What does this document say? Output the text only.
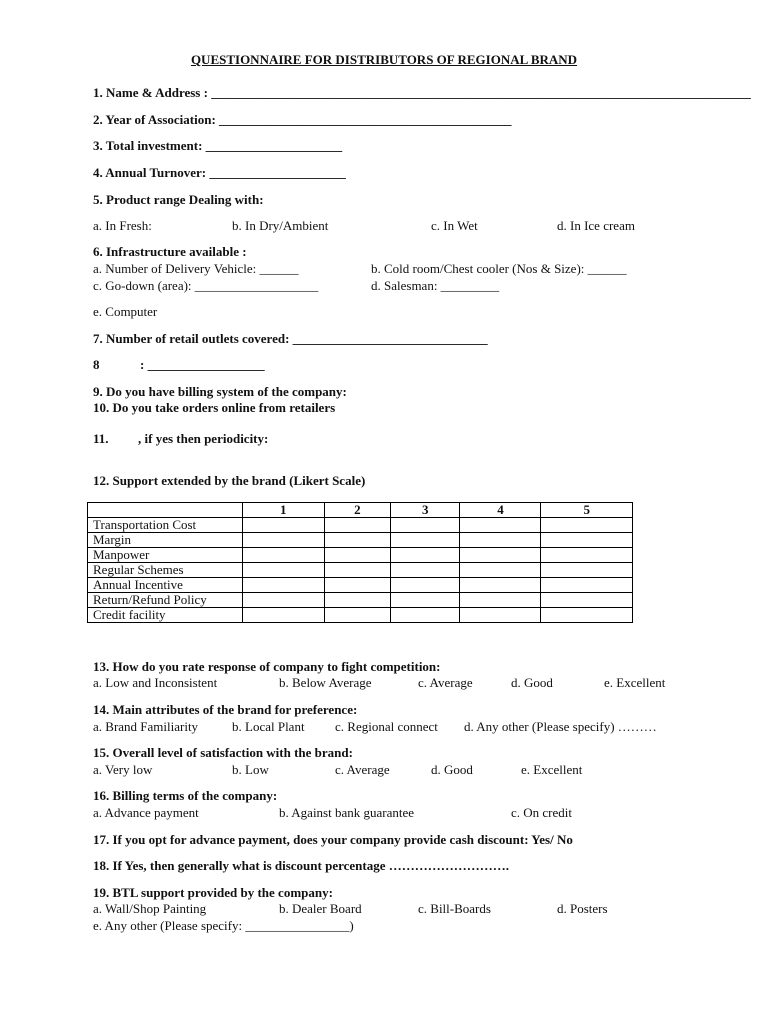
QUESTIONNAIRE FOR DISTRIBUTORS OF REGIONAL BRAND
1. Name & Address : ___________________________________________________________________________________
2. Year of Association: _____________________________________________
3. Total investment: _____________________
4. Annual Turnover: _____________________
5. Product range Dealing with:
a. In Fresh:	b. In Dry/Ambient	c. In Wet	d. In Ice cream
6. Infrastructure available :
a. Number of Delivery Vehicle: ______	b. Cold room/Chest cooler (Nos & Size): ______
c. Go-down (area): ___________________	d. Salesman: _________
e. Computer
7. Number of retail outlets covered: ______________________________
8	: __________________
9. Do you have billing system of the company:
10. Do you take orders online from retailers
11. , if yes then periodicity:
12. Support extended by the brand (Likert Scale)
	1	2	3	4	5
Transportation Cost					
Margin					
Manpower					
Regular Schemes					
Annual Incentive					
Return/Refund Policy					
Credit facility					
13. How do you rate response of company to fight competition:
a. Low and Inconsistent	b. Below Average	c. Average	d. Good	e. Excellent
14. Main attributes of the brand for preference:
a. Brand Familiarity	b. Local Plant c. Regional connect d. Any other (Please specify) ………
15. Overall level of satisfaction with the brand:
a. Very low	b. Low	c. Average	d. Good	e. Excellent
16. Billing terms of the company:
a. Advance payment	b. Against bank guarantee	c. On credit
17. If you opt for advance payment, does your company provide cash discount: Yes/ No
18. If Yes, then generally what is discount percentage ……………………….
19. BTL support provided by the company:
a. Wall/Shop Painting	b. Dealer Board	c. Bill-Boards	d. Posters
e. Any other (Please specify: ________________)
